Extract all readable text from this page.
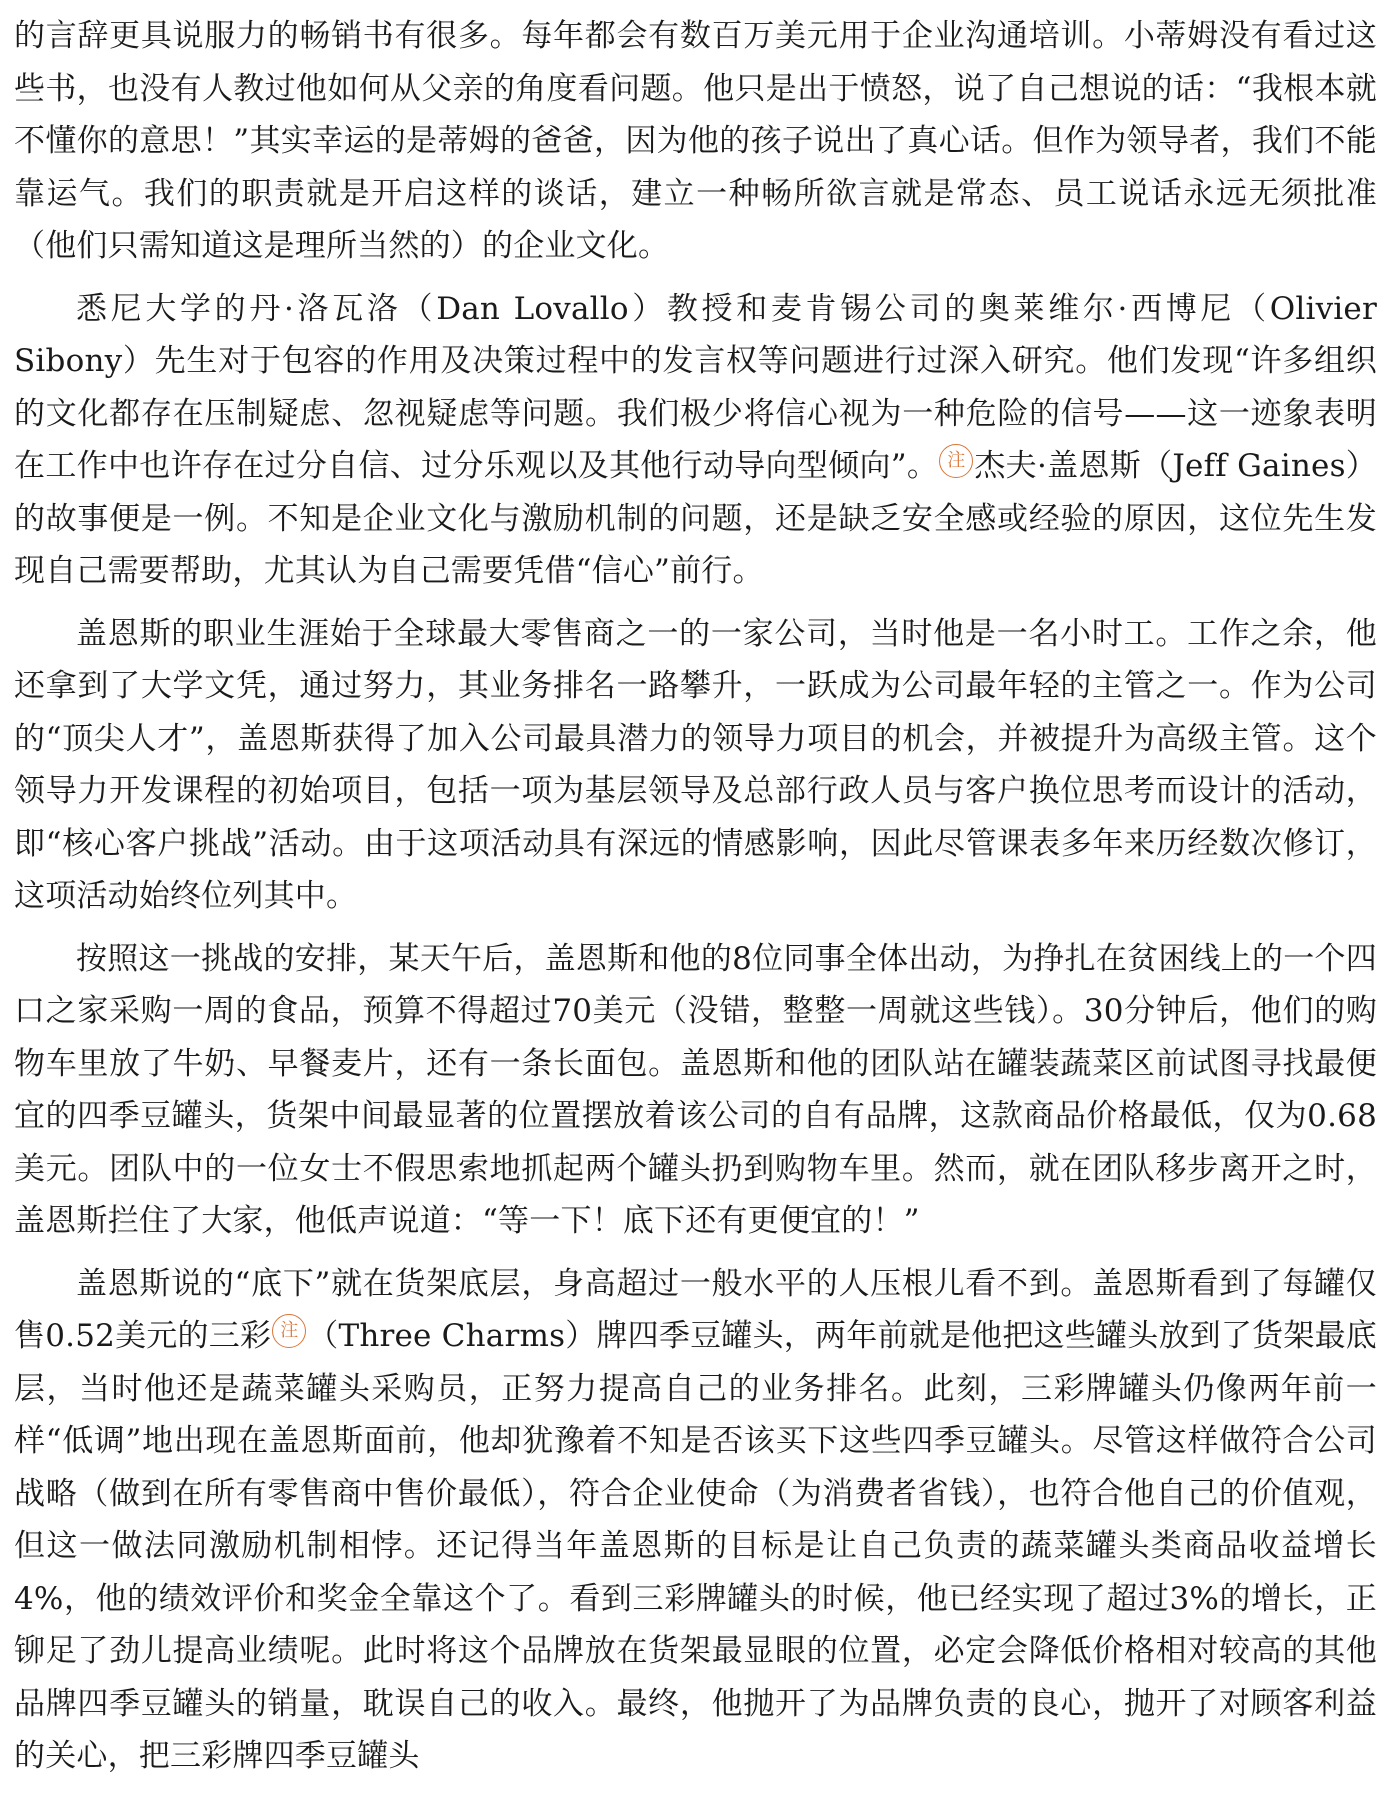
的言辞更具说服力的畅销书有很多。每年都会有数百万美元用于企业沟通培训。小蒂姆没有看过这些书，也没有人教过他如何从父亲的角度看问题。他只是出于愤怒，说了自己想说的话：“我根本就不懂你的意思！”其实幸运的是蒂姆的爸爸，因为他的孩子说出了真心话。但作为领导者，我们不能靠运气。我们的职责就是开启这样的谈话，建立一种畅所欲言就是常态、员工说话永远无须批准（他们只需知道这是理所当然的）的企业文化。

悉尼大学的丹·洛瓦洛（Dan Lovallo）教授和麦肯锡公司的奥莱维尔·西博尼（Olivier Sibony）先生对于包容的作用及决策过程中的发言权等问题进行过深入研究。他们发现“许多组织的文化都存在压制疑虑、忽视疑虑等问题。我们极少将信心视为一种危险的信号——这一迹象表明在工作中也许存在过分自信、过分乐观以及其他行动导向型倾向”。 注 杰夫·盖恩斯（Jeff Gaines）的故事便是一例。不知是企业文化与激励机制的问题，还是缺乏安全感或经验的原因，这位先生发现自己需要帮助，尤其认为自己需要凭借“信心”前行。

盖恩斯的职业生涯始于全球最大零售商之一的一家公司，当时他是一名小时工。工作之余，他还拿到了大学文凭，通过努力，其业务排名一路攀升，一跃成为公司最年轻的主管之一。作为公司的“顶尖人才”，盖恩斯获得了加入公司最具潜力的领导力项目的机会，并被提升为高级主管。这个领导力开发课程的初始项目，包括一项为基层领导及总部行政人员与客户换位思考而设计的活动，即“核心客户挑战”活动。由于这项活动具有深远的情感影响，因此尽管课表多年来历经数次修订，这项活动始终位列其中。

按照这一挑战的安排，某天午后，盖恩斯和他的8位同事全体出动，为挣扎在贫困线上的一个四口之家采购一周的食品，预算不得超过70美元（没错，整整一周就这些钱）。30分钟后，他们的购物车里放了牛奶、早餐麦片，还有一条长面包。盖恩斯和他的团队站在罐装蔬菜区前试图寻找最便宜的四季豆罐头，货架中间最显著的位置摆放着该公司的自有品牌，这款商品价格最低，仅为0.68美元。团队中的一位女士不假思索地抓起两个罐头扔到购物车里。然而，就在团队移步离开之时，盖恩斯拦住了大家，他低声说道：“等一下！底下还有更便宜的！”

盖恩斯说的“底下”就在货架底层，身高超过一般水平的人压根儿看不到。盖恩斯看到了每罐仅售0.52美元的三彩 注 （Three Charms）牌四季豆罐头，两年前就是他把这些罐头放到了货架最底层，当时他还是蔬菜罐头采购员，正努力提高自己的业务排名。此刻，三彩牌罐头仍像两年前一样“低调”地出现在盖恩斯面前，他却犹豫着不知是否该买下这些四季豆罐头。尽管这样做符合公司战略（做到在所有零售商中售价最低），符合企业使命（为消费者省钱），也符合他自己的价值观，但这一做法同激励机制相悖。还记得当年盖恩斯的目标是让自己负责的蔬菜罐头类商品收益增长4%，他的绩效评价和奖金全靠这个了。看到三彩牌罐头的时候，他已经实现了超过3%的增长，正铆足了劲儿提高业绩呢。此时将这个品牌放在货架最显眼的位置，必定会降低价格相对较高的其他品牌四季豆罐头的销量，耽误自己的收入。最终，他抛开了为品牌负责的良心，抛开了对顾客利益的关心，把三彩牌四季豆罐头
